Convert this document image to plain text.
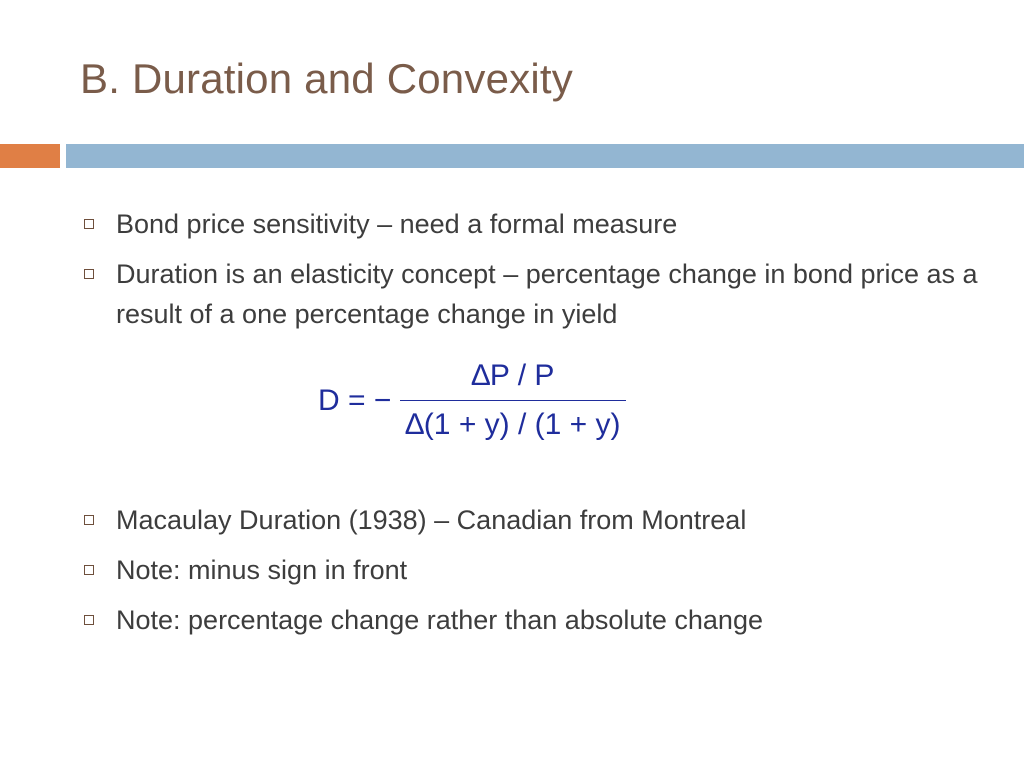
B. Duration and Convexity
Bond price sensitivity – need a formal measure
Duration is an elasticity concept – percentage change in bond price as a result of a one percentage change in yield
D = −
∆P / P
∆(1 + y) / (1 + y)
Macaulay Duration (1938) – Canadian from Montreal
Note: minus sign in front
Note: percentage change rather than absolute change
